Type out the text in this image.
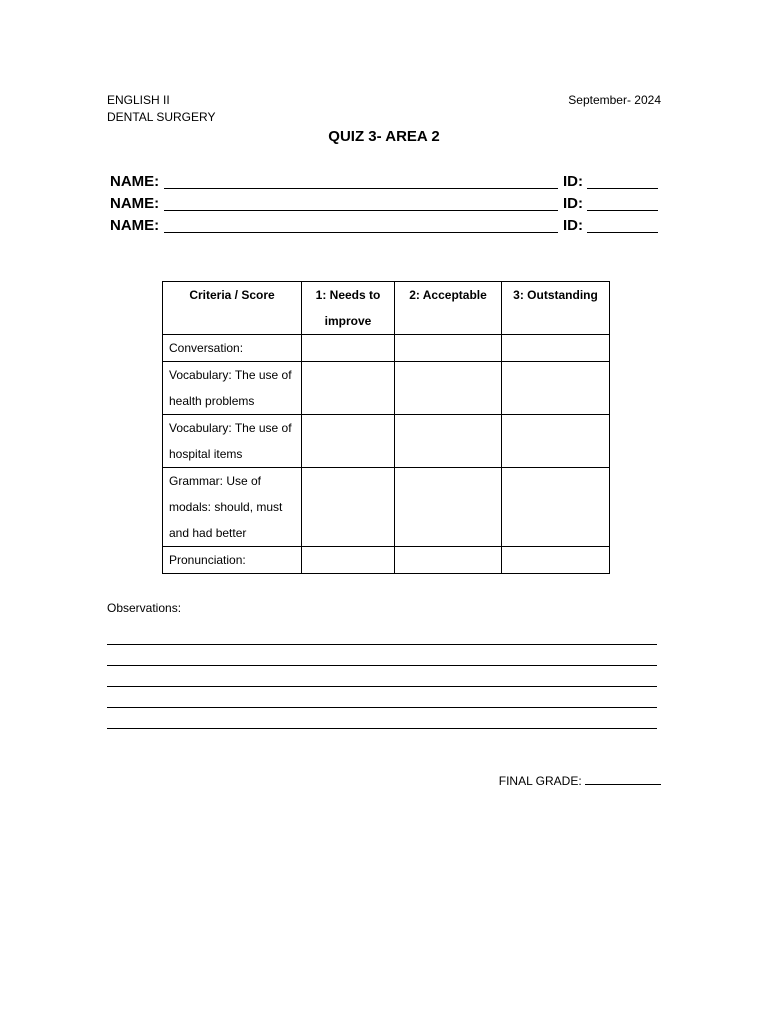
ENGLISH II
DENTAL SURGERY
September- 2024
QUIZ 3- AREA 2
NAME:	ID:
NAME:	ID:
NAME:	ID:
Criteria / Score	1: Needs to improve	2: Acceptable	3: Outstanding
Conversation:			
Vocabulary: The use of health problems			
Vocabulary: The use of hospital items			
Grammar: Use of modals: should, must and had better			
Pronunciation:			
Observations:
FINAL GRADE:
